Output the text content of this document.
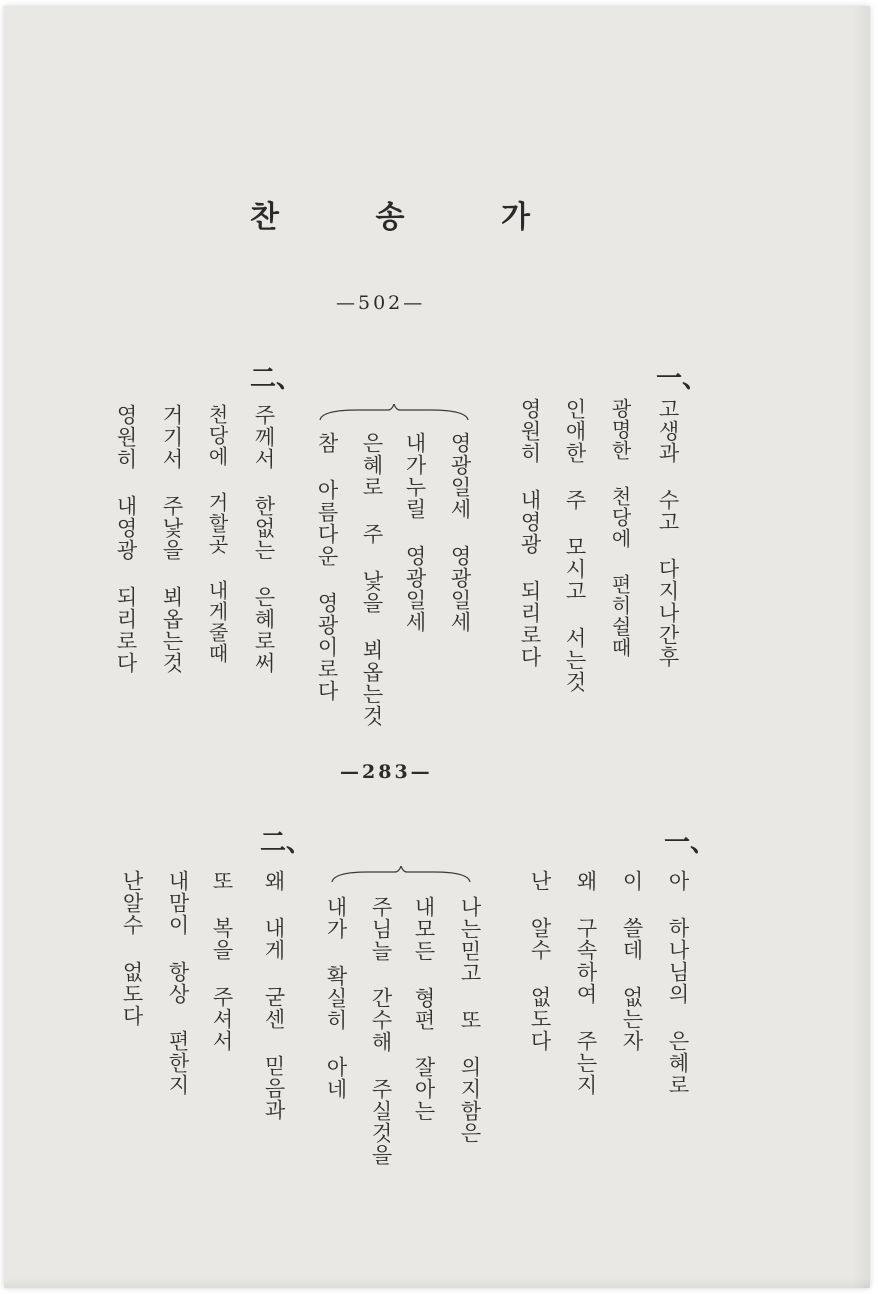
찬	송	가
—502—
一、
고생과 수고 다지나간후
광명한 천당에 편히쉴때
인애한 주 모시고 서는것
영원히 내영광 되리로다
영광일세 영광일세
내가누릴 영광일세
은혜로 주 낯을 뵈옵는것
참 아름다운 영광이로다
二、
주께서 한없는 은혜로써
천당에 거할곳 내게줄때
거기서 주낯을 뵈옵는것
영원히 내영광 되리로다
—283—
一、
아 하나님의 은혜로
이 쓸데 없는자
왜 구속하여 주는지
난 알수 없도다
나는믿고 또 의지함은
내모든 형편 잘아는
주님늘 간수해 주실것을
내가 확실히 아네
二、
왜 내게 굳센 믿음과
또 복을 주셔서
내맘이 항상 편한지
난알수 없도다
